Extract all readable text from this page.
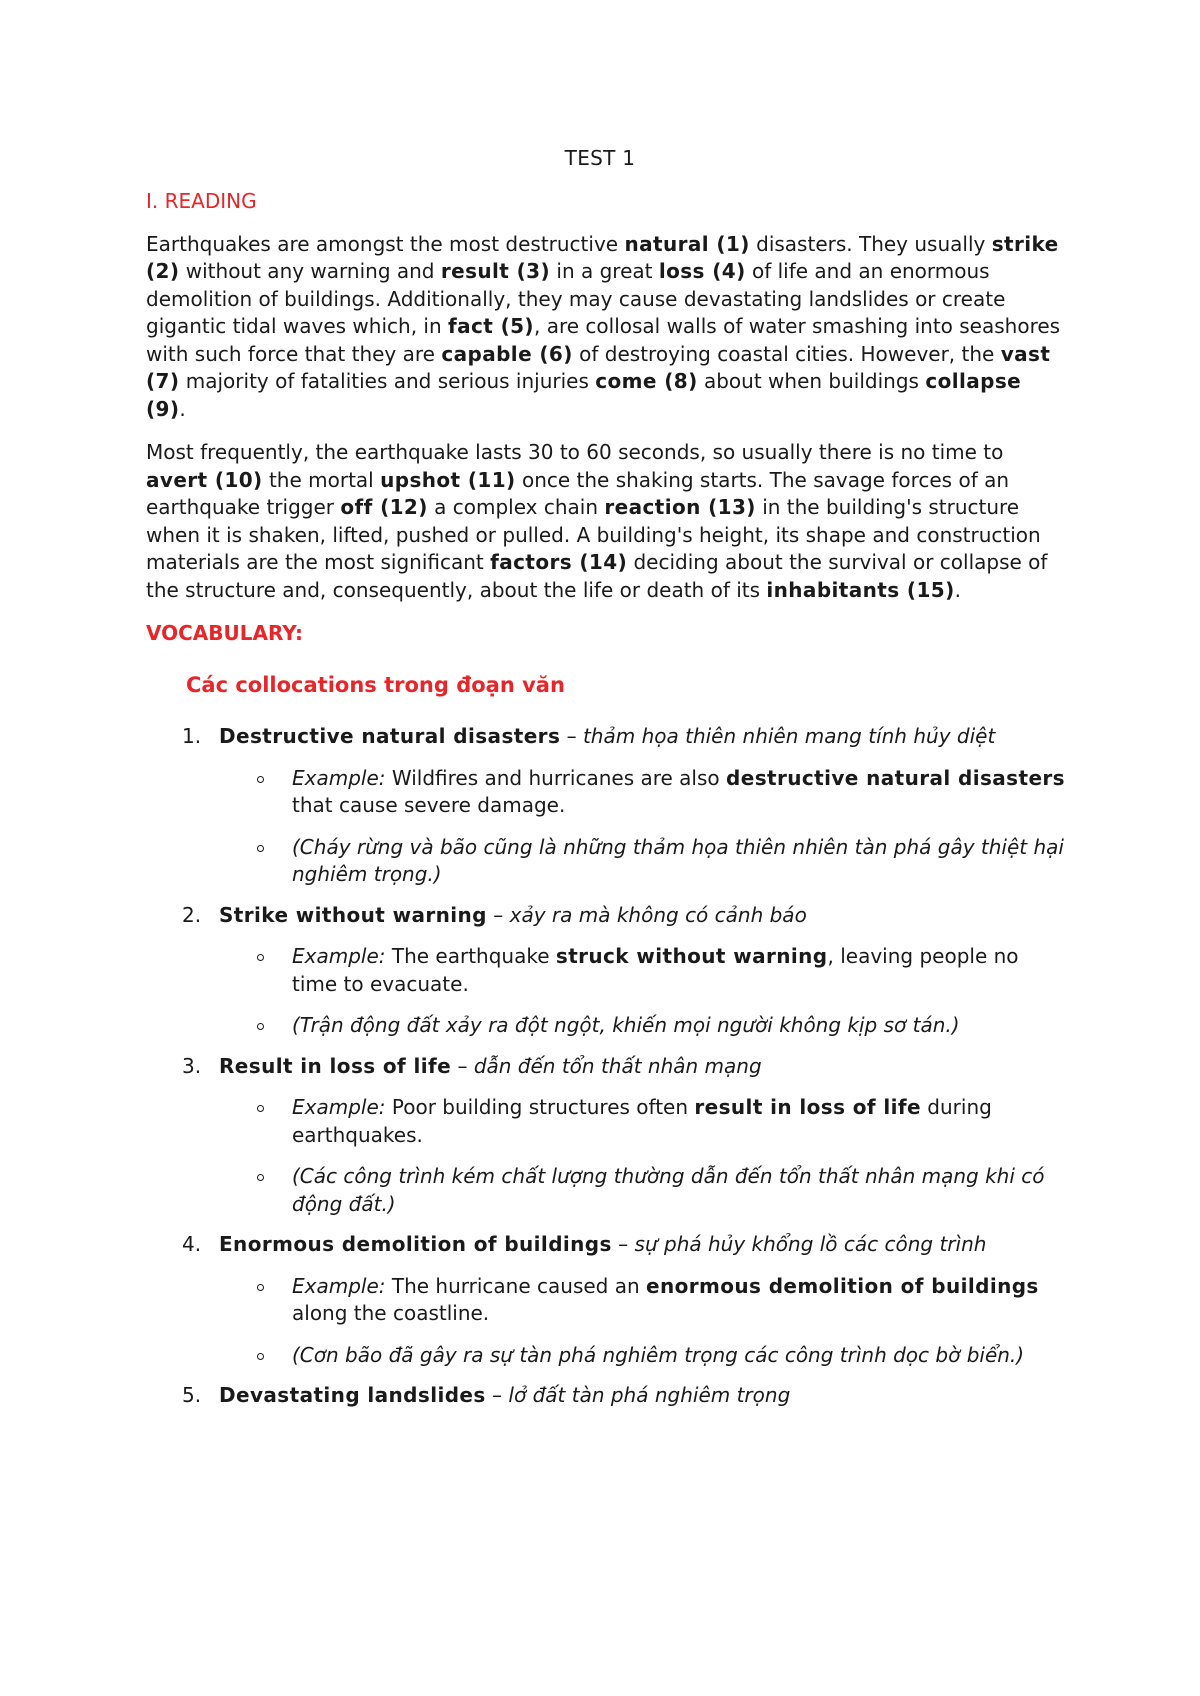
TEST 1
I. READING

Earthquakes are amongst the most destructive natural (1) disasters. They usually strike (2) without any warning and result (3) in a great loss (4) of life and an enormous demolition of buildings. Additionally, they may cause devastating landslides or create gigantic tidal waves which, in fact (5), are collosal walls of water smashing into seashores with such force that they are capable (6) of destroying coastal cities. However, the vast (7) majority of fatalities and serious injuries come (8) about when buildings collapse (9).

Most frequently, the earthquake lasts 30 to 60 seconds, so usually there is no time to avert (10) the mortal upshot (11) once the shaking starts. The savage forces of an earthquake trigger off (12) a complex chain reaction (13) in the building's structure when it is shaken, lifted, pushed or pulled. A building's height, its shape and construction materials are the most significant factors (14) deciding about the survival or collapse of the structure and, consequently, about the life or death of its inhabitants (15).

VOCABULARY:
Các collocations trong đoạn văn
1. Destructive natural disasters – thảm họa thiên nhiên mang tính hủy diệt
Example: Wildfires and hurricanes are also destructive natural disasters that cause severe damage.
(Cháy rừng và bão cũng là những thảm họa thiên nhiên tàn phá gây thiệt hại nghiêm trọng.)
2. Strike without warning – xảy ra mà không có cảnh báo
Example: The earthquake struck without warning, leaving people no time to evacuate.
(Trận động đất xảy ra đột ngột, khiến mọi người không kịp sơ tán.)
3. Result in loss of life – dẫn đến tổn thất nhân mạng
Example: Poor building structures often result in loss of life during earthquakes.
(Các công trình kém chất lượng thường dẫn đến tổn thất nhân mạng khi có động đất.)
4. Enormous demolition of buildings – sự phá hủy khổng lồ các công trình
Example: The hurricane caused an enormous demolition of buildings along the coastline.
(Cơn bão đã gây ra sự tàn phá nghiêm trọng các công trình dọc bờ biển.)
5. Devastating landslides – lở đất tàn phá nghiêm trọng
